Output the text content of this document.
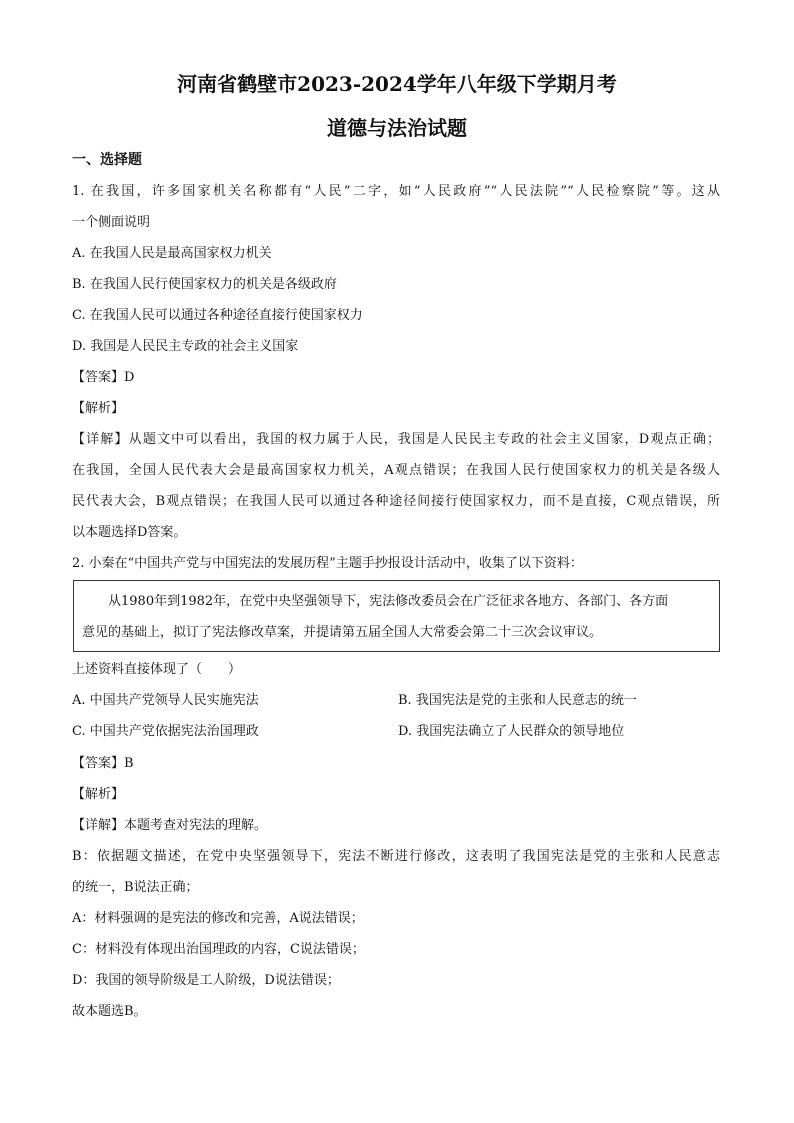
河南省鹤壁市2023-2024学年八年级下学期月考
道德与法治试题
一、选择题
1. 在我国，许多国家机关名称都有“人民”二字，如“人民政府”“人民法院”“人民检察院”等。这从
一个侧面说明
A. 在我国人民是最高国家权力机关
B. 在我国人民行使国家权力的机关是各级政府
C. 在我国人民可以通过各种途径直接行使国家权力
D. 我国是人民民主专政的社会主义国家
【答案】D
【解析】
【详解】从题文中可以看出，我国的权力属于人民，我国是人民民主专政的社会主义国家，D观点正确；
在我国，全国人民代表大会是最高国家权力机关，A观点错误；在我国人民行使国家权力的机关是各级人
民代表大会，B观点错误；在我国人民可以通过各种途径间接行使国家权力，而不是直接，C观点错误，所
以本题选择D答案。
2. 小秦在“中国共产党与中国宪法的发展历程”主题手抄报设计活动中，收集了以下资料：
从1980年到1982年，在党中央坚强领导下，宪法修改委员会在广泛征求各地方、各部门、各方面
意见的基础上，拟订了宪法修改草案，并提请第五届全国人大常委会第二十三次会议审议。
上述资料直接体现了（　　）
A. 中国共产党领导人民实施宪法	B. 我国宪法是党的主张和人民意志的统一
C. 中国共产党依据宪法治国理政	D. 我国宪法确立了人民群众的领导地位
【答案】B
【解析】
【详解】本题考查对宪法的理解。
B：依据题文描述，在党中央坚强领导下，宪法不断进行修改，这表明了我国宪法是党的主张和人民意志
的统一，B说法正确；
A：材料强调的是宪法的修改和完善，A说法错误；
C：材料没有体现出治国理政的内容，C说法错误；
D：我国的领导阶级是工人阶级，D说法错误；
故本题选B。
